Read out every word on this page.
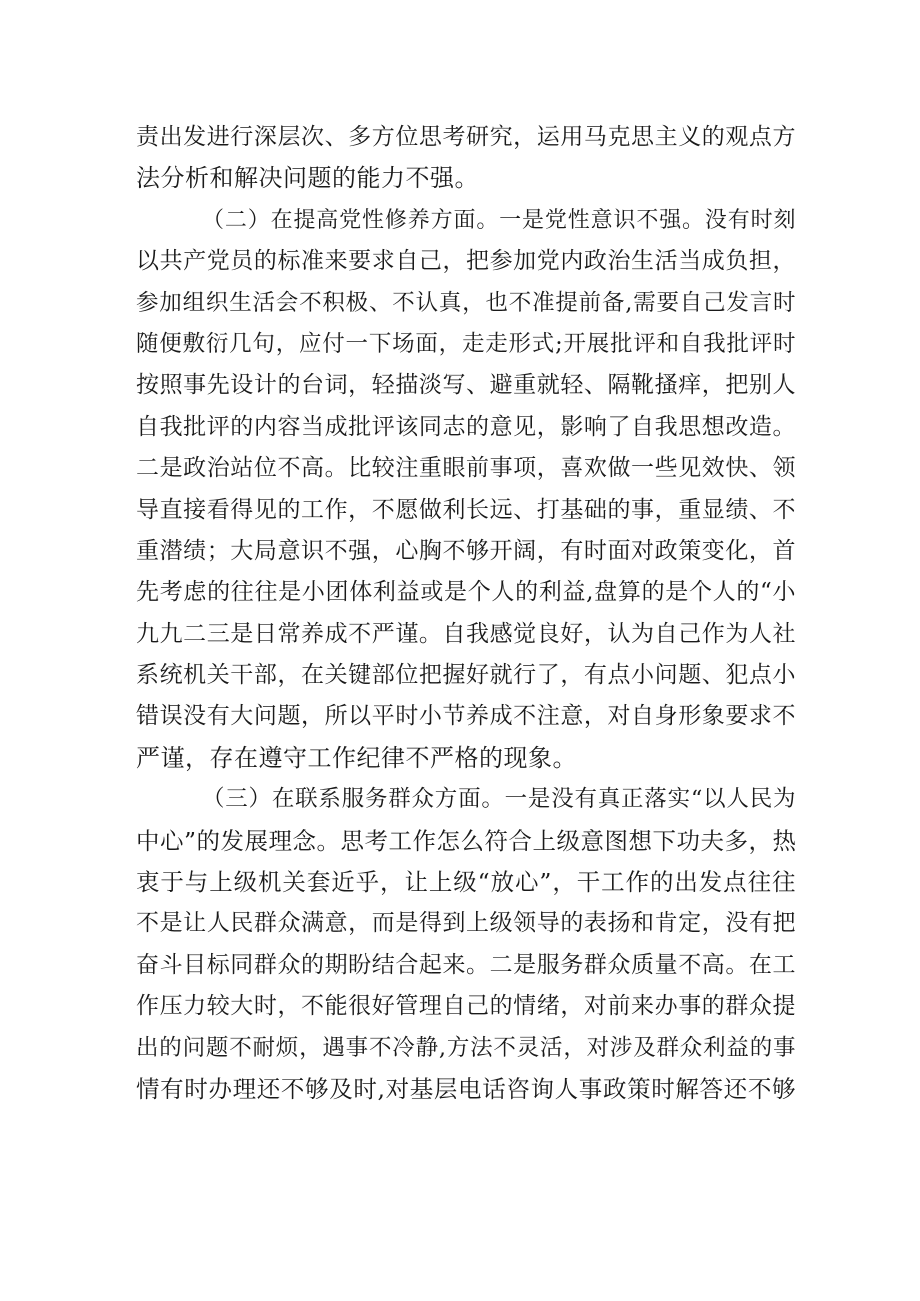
责出发进行深层次、多方位思考研究，运用马克思主义的观点方
法分析和解决问题的能力不强。
（二）在提高党性修养方面。一是党性意识不强。没有时刻
以共产党员的标准来要求自己，把参加党内政治生活当成负担，
参加组织生活会不积极、不认真，也不准提前备,需要自己发言时
随便敷衍几句，应付一下场面，走走形式;开展批评和自我批评时
按照事先设计的台词，轻描淡写、避重就轻、隔靴搔痒，把别人
自我批评的内容当成批评该同志的意见，影响了自我思想改造。
二是政治站位不高。比较注重眼前事项，喜欢做一些见效快、领
导直接看得见的工作，不愿做利长远、打基础的事，重显绩、不
重潜绩；大局意识不强，心胸不够开阔，有时面对政策变化，首
先考虑的往往是小团体利益或是个人的利益,盘算的是个人的“小
九九二三是日常养成不严谨。自我感觉良好，认为自己作为人社
系统机关干部，在关键部位把握好就行了，有点小问题、犯点小
错误没有大问题，所以平时小节养成不注意，对自身形象要求不
严谨，存在遵守工作纪律不严格的现象。
（三）在联系服务群众方面。一是没有真正落实“以人民为
中心”的发展理念。思考工作怎么符合上级意图想下功夫多，热
衷于与上级机关套近乎，让上级“放心”，干工作的出发点往往
不是让人民群众满意，而是得到上级领导的表扬和肯定，没有把
奋斗目标同群众的期盼结合起来。二是服务群众质量不高。在工
作压力较大时，不能很好管理自己的情绪，对前来办事的群众提
出的问题不耐烦，遇事不冷静,方法不灵活，对涉及群众利益的事
情有时办理还不够及时,对基层电话咨询人事政策时解答还不够
